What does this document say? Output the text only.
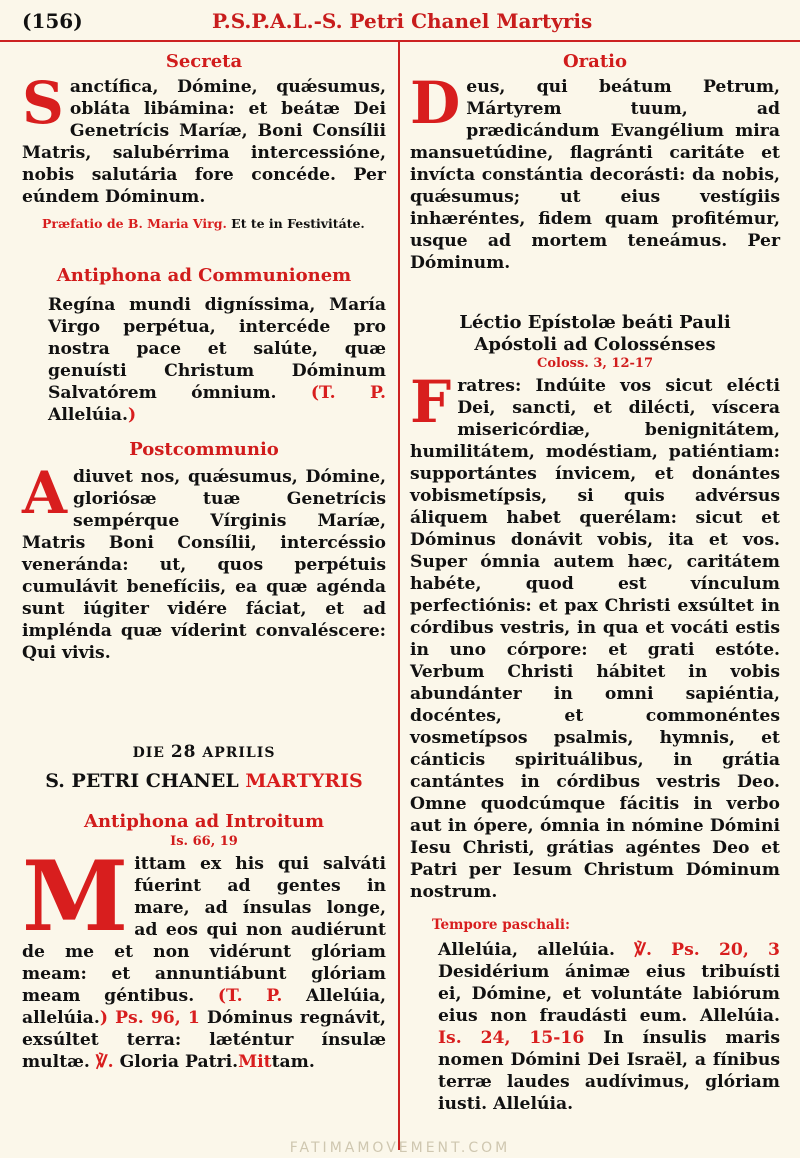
(156)	P.S.P.A.L.-S. Petri Chanel Martyris

Secreta

Sanctífica, Dómine, quǽsumus, obláta libámina: et beátæ Dei Genetrícis Maríæ, Boni Consílii Matris, salubérrima intercessióne, nobis salutária fore concéde. Per eúndem Dóminum.

Præfatio de B. Maria Virg. Et te in Festivitáte.

Antiphona ad Communionem

Regína mundi digníssima, María Virgo perpétua, intercéde pro nostra pace et salúte, quæ genuísti Christum Dóminum Salvatórem ómnium. (T. P. Allelúia.)

Postcommunio

Adiuvet nos, quǽsumus, Dómine, gloriósæ tuæ Genetrícis sempérque Vírginis Maríæ, Matris Boni Consílii, intercéssio veneránda: ut, quos perpétuis cumulávit benefíciis, ea quæ agénda sunt iúgiter vidére fáciat, et ad impléndа quæ víderint convaléscere: Qui vivis.

DIE 28 APRILIS

S. PETRI CHANEL MARTYRIS

Antiphona ad Introitum

Is. 66, 19

Mittam ex his qui salváti fúerint ad gentes in mare, ad ínsulas longe, ad eos qui non audiérunt de me et non vidérunt glóriam meam: et annuntiábunt glóriam meam géntibus. (T. P. Allelúia, allelúia.) Ps. 96, 1 Dóminus regnávit, exsúltet terra: læténtur ínsulæ multæ. ℣. Gloria Patri.Mittam.

Oratio

Deus, qui beátum Petrum, Mártyrem tuum, ad prædicándum Evangélium mira mansuetúdine, flagránti caritáte et invícta constántia decorásti: da nobis, quǽsumus; ut eius vestígiis inhæréntes, fidem quam profitémur, usque ad mortem teneámus. Per Dóminum.

Léctio Epístolæ beáti Pauli

Apóstoli ad Colossénses

Coloss. 3, 12-17

Fratres: Indúite vos sicut elécti Dei, sancti, et dilécti, víscera misericórdiæ, benignitátem, humilitátem, modéstiam, patiéntiam: supportántes ínvicem, et donántes vobismetípsis, si quis advérsus áliquem habet querélam: sicut et Dóminus donávit vobis, ita et vos. Super ómnia autem hæc, caritátem habéte, quod est vínculum perfectiónis: et pax Christi exsúltet in córdibus vestris, in qua et vocáti estis in uno córpore: et grati estóte. Verbum Christi hábitet in vobis abundánter in omni sapiéntia, docéntes, et commonéntes vosmetípsos psalmis, hymnis, et cánticis spirituálibus, in grátia cantántes in córdibus vestris Deo. Omne quodcúmque fácitis in verbo aut in ópere, ómnia in nómine Dómini Iesu Christi, grátias agéntes Deo et Patri per Iesum Christum Dóminum nostrum.

Tempore paschali:

Allelúia, allelúia. ℣. Ps. 20, 3 Desidérium ánimæ eius tribuísti ei, Dómine, et voluntáte labiórum eius non fraudásti eum. Allelúia. Is. 24, 15-16 In ínsulis maris nomen Dómini Dei Israël, a fínibus terræ laudes audívimus, glóriam iusti. Allelúia.

FATIMAMOVEMENT.COM
